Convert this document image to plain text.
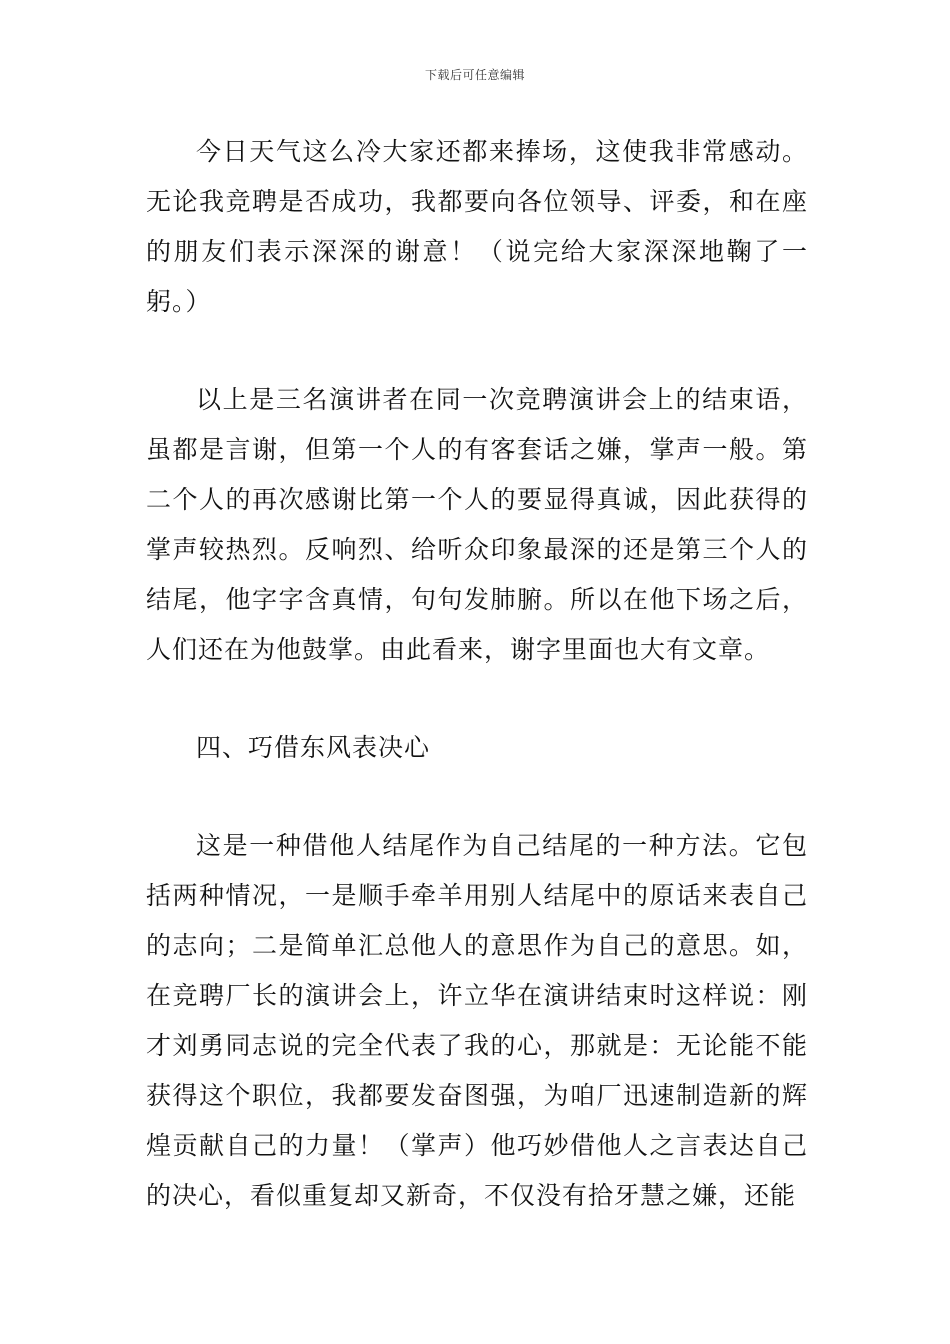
下载后可任意编辑

今日天气这么冷大家还都来捧场，这使我非常感动。无论我竞聘是否成功，我都要向各位领导、评委，和在座的朋友们表示深深的谢意！（说完给大家深深地鞠了一躬。）

以上是三名演讲者在同一次竞聘演讲会上的结束语，虽都是言谢，但第一个人的有客套话之嫌，掌声一般。第二个人的再次感谢比第一个人的要显得真诚，因此获得的掌声较热烈。反响烈、给听众印象最深的还是第三个人的结尾，他字字含真情，句句发肺腑。所以在他下场之后，人们还在为他鼓掌。由此看来，谢字里面也大有文章。

四、巧借东风表决心

这是一种借他人结尾作为自己结尾的一种方法。它包括两种情况，一是顺手牵羊用别人结尾中的原话来表自己的志向；二是简单汇总他人的意思作为自己的意思。如，在竞聘厂长的演讲会上，许立华在演讲结束时这样说：刚才刘勇同志说的完全代表了我的心，那就是：无论能不能获得这个职位，我都要发奋图强，为咱厂迅速制造新的辉煌贡献自己的力量！（掌声）他巧妙借他人之言表达自己的决心，看似重复却又新奇，不仅没有拾牙慧之嫌，还能
